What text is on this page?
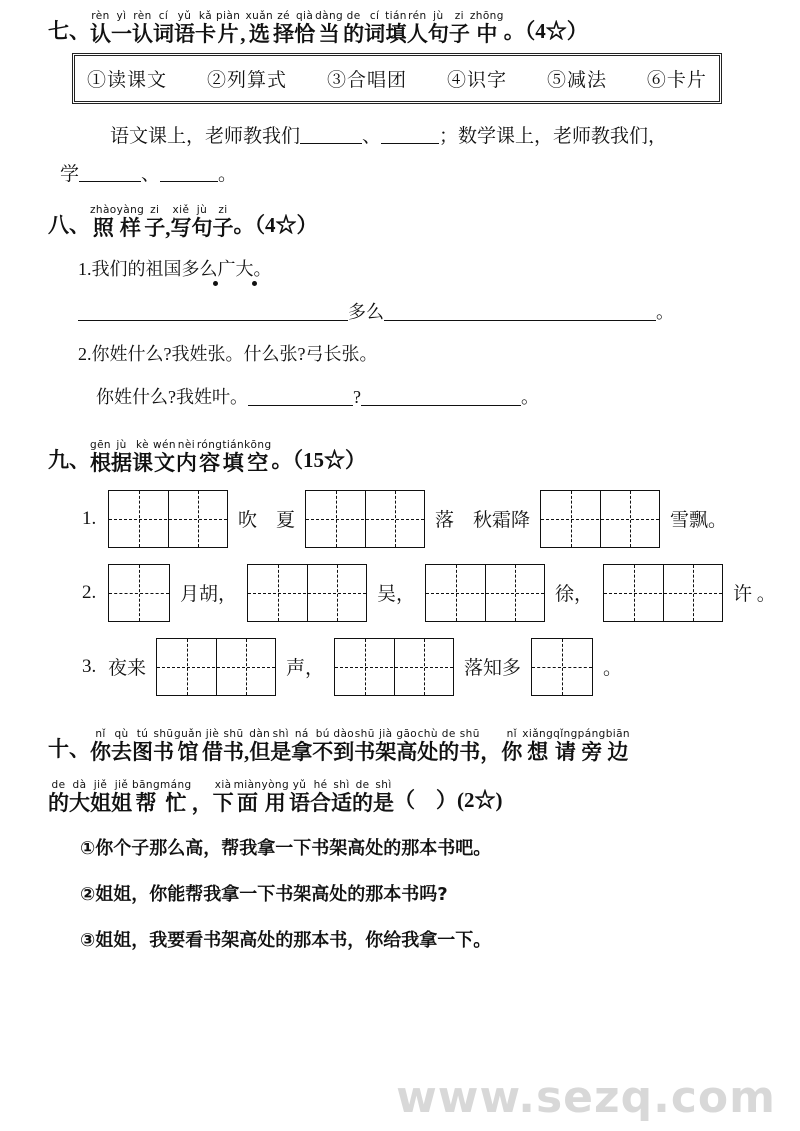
七、
rèn
认
yì
一
rèn
认
cí
词
yǔ
语
kǎ
卡
piàn
片
,
xuǎn
选
zé
择
qià
恰
dàng
当
de
的
cí
词
tián
填
rén
人
jù
句
zi
子
zhōng
中 。（4☆）
①读课文 ②列算式 ③合唱团 ④识字 ⑤减法 ⑥卡片
语文课上，老师教我们	、	；数学课上，老师教我们，
学	、	。
八、
zhào
照
yàng
样
zi
子
,
xiě
写
jù
句
zi
子 。（4☆）
1.我们的祖国多么广大。
多么	。
2.你姓什么?我姓张。什么张?弓长张。
你姓什么?我姓叶。	?	。
九、
gēn
根
jù
据
kè
课
wén
文
nèi
内
róng
容
tián
填
kōng
空 。（15☆）
1.	吹　夏	落　秋霜降	雪飘。
2.	月胡，	吴，	徐，	许 。
3. 夜来	声，	落知多	。
十、
nǐ
你
qù
去
tú
图
shū
书
guǎn
馆
jiè
借
shū
书
,
dàn
但
shì
是
ná
拿
bú
不
dào
到
shū
书
jià
架
gāo
高
chù
处
de
的
shū
书
，
nǐ
你
xiǎng
想
qǐng
请
páng
旁
biān
边
de
的
dà
大
jiě
姐
jiě
姐
bāng
帮
máng
忙
，
xià
下
miàn
面
yòng
用
yǔ
语
hé
合
shì
适
de
的
shì
是 （　）(2☆)
①你个子那么高，帮我拿一下书架高处的那本书吧。
②姐姐，你能帮我拿一下书架高处的那本书吗?
③姐姐，我要看书架高处的那本书，你给我拿一下。
www.sezq.com
